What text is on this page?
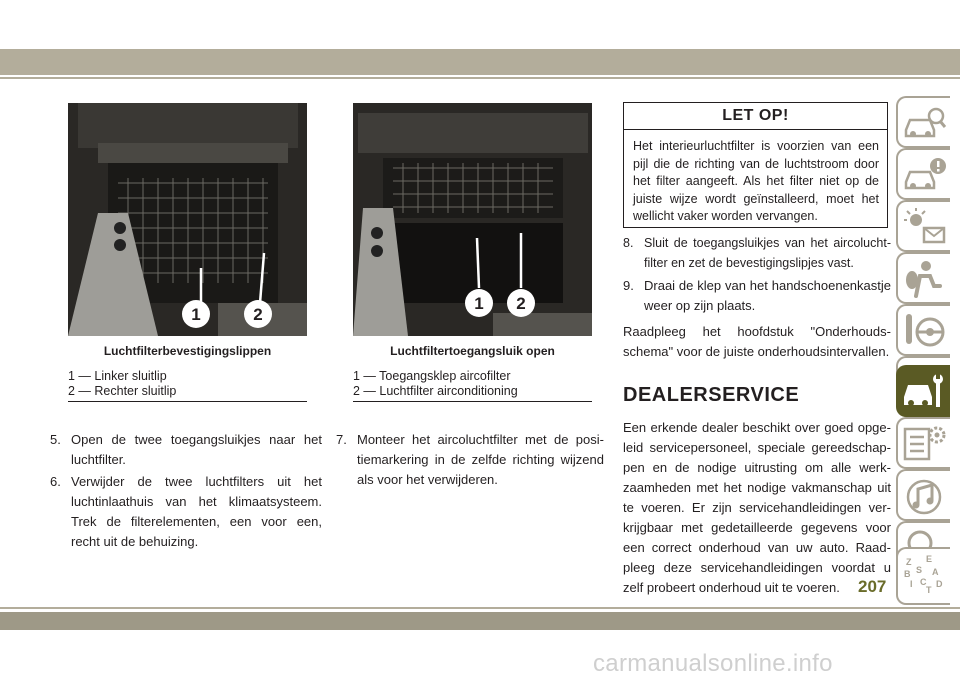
1	2
Luchtfilterbevestigingslippen
1 — Linker sluitlip
2 — Rechter sluitlip
1 2
Luchtfiltertoegangsluik open
1 — Toegangsklep aircofilter
2 — Luchtfilter airconditioning
5. Open de twee toegangsluikjes naar het luchtfilter.
6. Verwijder de twee luchtfilters uit het luchtinlaathuis van het klimaatsysteem. Trek de filterelementen, een voor een, recht uit de behuizing.
7. Monteer het aircoluchtfilter met de positiemarkering in de zelfde richting wijzend als voor het verwijderen.
LET OP!
Het interieurluchtfilter is voorzien van een pijl die de richting van de luchtstroom door het filter aangeeft. Als het filter niet op de juiste wijze wordt geïnstalleerd, moet het wellicht vaker worden vervangen.
8. Sluit de toegangsluikjes van het aircoluchtfilter en zet de bevestigingslipjes vast.
9. Draai de klep van het handschoenenkastje weer op zijn plaats.
Raadpleeg het hoofdstuk "Onderhoudsschema" voor de juiste onderhoudsintervallen.
DEALERSERVICE
Een erkende dealer beschikt over goed opgeleid servicepersoneel, speciale gereedschappen en de nodige uitrusting om alle werkzaamheden met het nodige vakmanschap uit te voeren. Er zijn servicehandleidingen verkrijgbaar met gedetailleerde gegevens voor een correct onderhoud van uw auto. Raadpleeg deze servicehandleidingen voordat u zelf probeert onderhoud uit te voeren.
Z E
B S A
I C D
T
207
carmanualsonline.info
